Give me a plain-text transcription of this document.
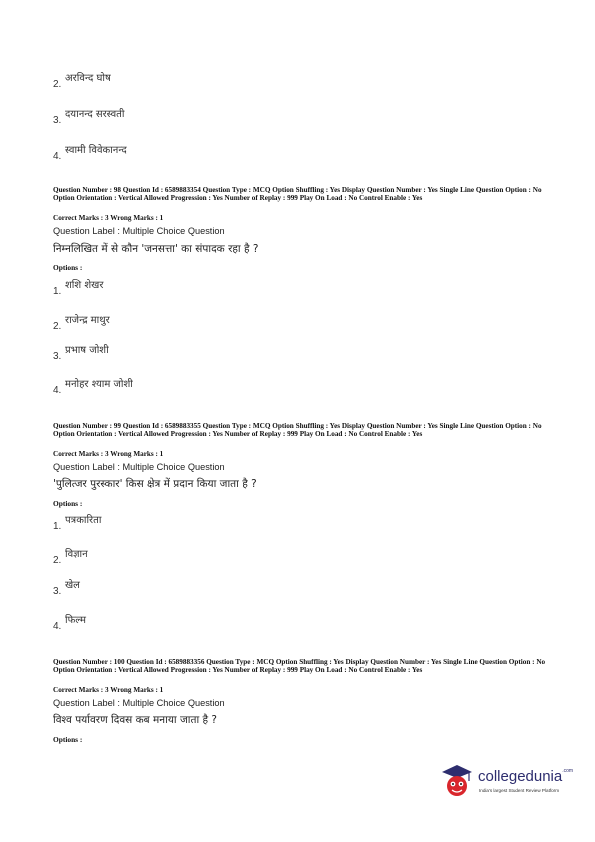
2.
अरविन्द घोष
3.
दयानन्द सरस्वती
4.
स्वामी विवेकानन्द
Question Number : 98 Question Id : 6589883354 Question Type : MCQ Option Shuffling : Yes Display Question Number : Yes Single Line Question Option : No Option Orientation : Vertical Allowed Progression : Yes Number of Replay : 999 Play On Load : No Control Enable : Yes
Correct Marks : 3 Wrong Marks : 1
Question Label : Multiple Choice Question
निम्नलिखित में से कौन 'जनसत्ता' का संपादक रहा है ?
Options :
1.
शशि शेखर
2.
राजेन्द्र माथुर
3.
प्रभाष जोशी
4.
मनोहर श्याम जोशी
Question Number : 99 Question Id : 6589883355 Question Type : MCQ Option Shuffling : Yes Display Question Number : Yes Single Line Question Option : No Option Orientation : Vertical Allowed Progression : Yes Number of Replay : 999 Play On Load : No Control Enable : Yes
Correct Marks : 3 Wrong Marks : 1
Question Label : Multiple Choice Question
'पुलित्जर पुरस्कार' किस क्षेत्र में प्रदान किया जाता है ?
Options :
1.
पत्रकारिता
2.
विज्ञान
3.
खेल
4.
फिल्म
Question Number : 100 Question Id : 6589883356 Question Type : MCQ Option Shuffling : Yes Display Question Number : Yes Single Line Question Option : No Option Orientation : Vertical Allowed Progression : Yes Number of Replay : 999 Play On Load : No Control Enable : Yes
Correct Marks : 3 Wrong Marks : 1
Question Label : Multiple Choice Question
विश्व पर्यावरण दिवस कब मनाया जाता है ?
Options :
collegedunia$^{.com}$
India's largest Student Review Platform
